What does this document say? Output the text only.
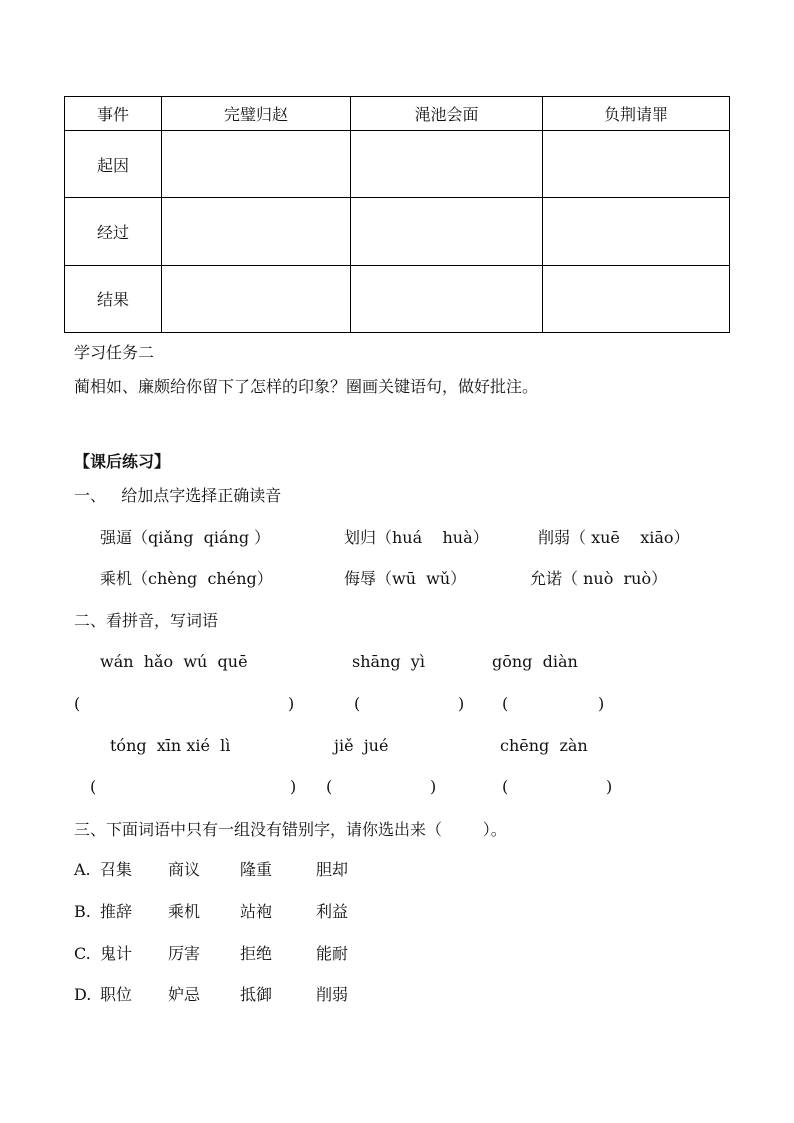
事件	完璧归赵	渑池会面	负荆请罪
起因			
经过			
结果			
学习任务二
蔺相如、廉颇给你留下了怎样的印象？圈画关键语句，做好批注。
【课后练习】
一、   给加点字选择正确读音
强逼（qiǎng  qiáng ）	划归（huá    huà）	削弱（ xuē    xiāo）
乘机（chèng  chéng）	侮辱（wū  wǔ）	允诺（ nuò  ruò）
二、看拼音，写词语
wán  hǎo  wú  quē	shāng  yì	gōng  diàn
(	)	(	) (	)
tóng  xīn xié  lì	jiě  jué	chēng  zàn
(	) (	)	(	)
三、下面词语中只有一组没有错别字，请你选出来（        ）。
A. 召集 商议 隆重	胆却
B. 推辞 乘机 站袍	利益
C. 鬼计 厉害 拒绝	能耐
D. 职位 妒忌 抵御	削弱
